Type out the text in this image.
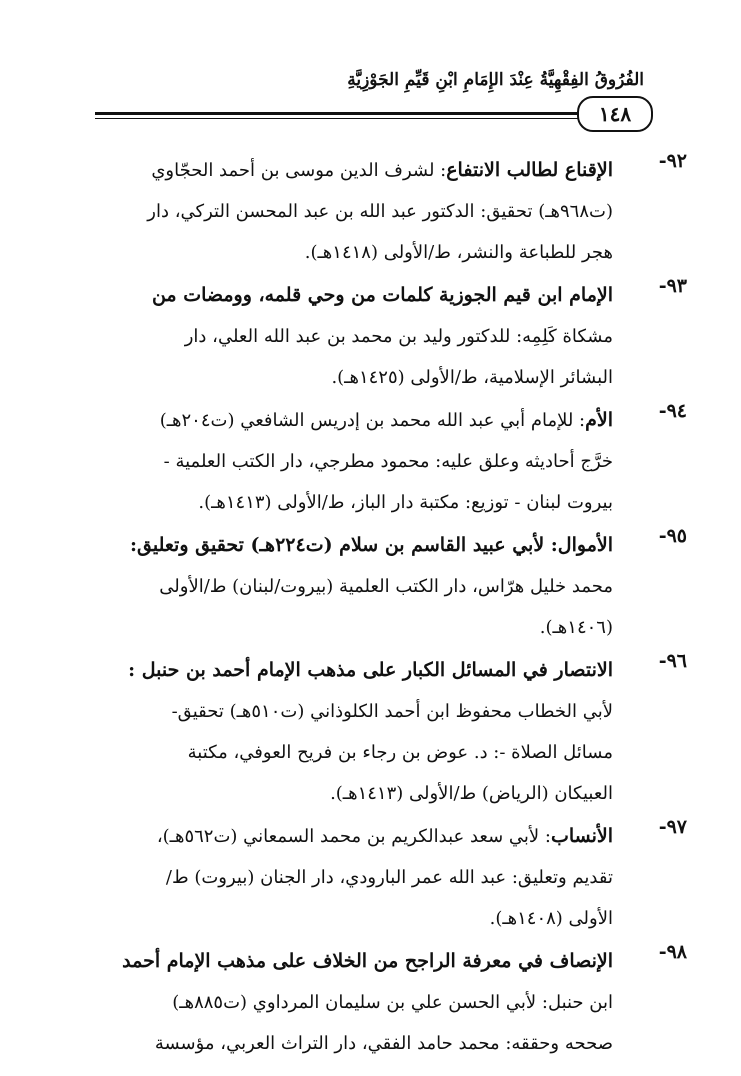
الفُرُوقُ الفِقْهِيَّةُ عِنْدَ الإِمَامِ ابْنِ قَيِّمِ الجَوْزِيَّةِ
١٤٨
٩٢-
الإقناع لطالب الانتفاع: لشرف الدين موسى بن أحمد الحجّاوي
(ت٩٦٨هـ) تحقيق: الدكتور عبد الله بن عبد المحسن التركي، دار
هجر للطباعة والنشر، ط/الأولى (١٤١٨هـ).
٩٣-
الإمام ابن قيم الجوزية كلمات من وحي قلمه، وومضات من
مشكاة كَلِمِه: للدكتور وليد بن محمد بن عبد الله العلي، دار
البشائر الإسلامية، ط/الأولى (١٤٢٥هـ).
٩٤-
الأم: للإمام أبي عبد الله محمد بن إدريس الشافعي (ت٢٠٤هـ)
خرَّج أحاديثه وعلق عليه: محمود مطرجي، دار الكتب العلمية -
بيروت لبنان - توزيع: مكتبة دار الباز، ط/الأولى (١٤١٣هـ).
٩٥-
الأموال: لأبي عبيد القاسم بن سلام (ت٢٢٤هـ) تحقيق وتعليق:
محمد خليل هرّاس، دار الكتب العلمية (بيروت/لبنان) ط/الأولى
(١٤٠٦هـ).
٩٦-
الانتصار في المسائل الكبار على مذهب الإمام أحمد بن حنبل :
لأبي الخطاب محفوظ ابن أحمد الكلوذاني (ت٥١٠هـ) تحقيق-
مسائل الصلاة -: د. عوض بن رجاء بن فريح العوفي، مكتبة
العبيكان (الرياض) ط/الأولى (١٤١٣هـ).
٩٧-
الأنساب: لأبي سعد عبدالكريم بن محمد السمعاني (ت٥٦٢هـ)،
تقديم وتعليق: عبد الله عمر البارودي، دار الجنان (بيروت) ط/
الأولى (١٤٠٨هـ).
٩٨-
الإنصاف في معرفة الراجح من الخلاف على مذهب الإمام أحمد
ابن حنبل: لأبي الحسن علي بن سليمان المرداوي (ت٨٨٥هـ)
صححه وحققه: محمد حامد الفقي، دار التراث العربي، مؤسسة
